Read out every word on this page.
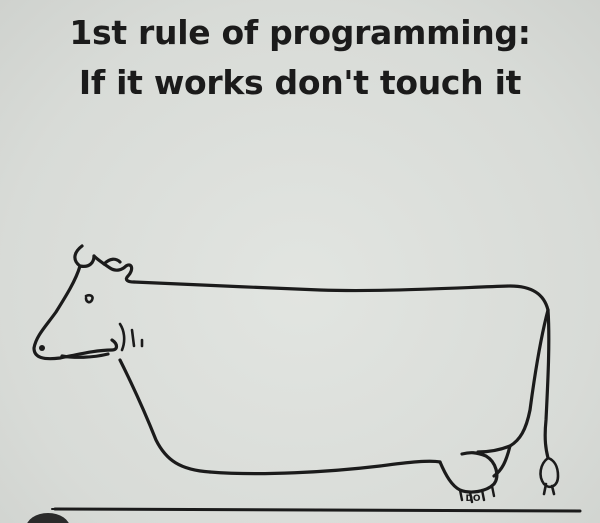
1st rule of programming:
If it works don't touch it
DO
